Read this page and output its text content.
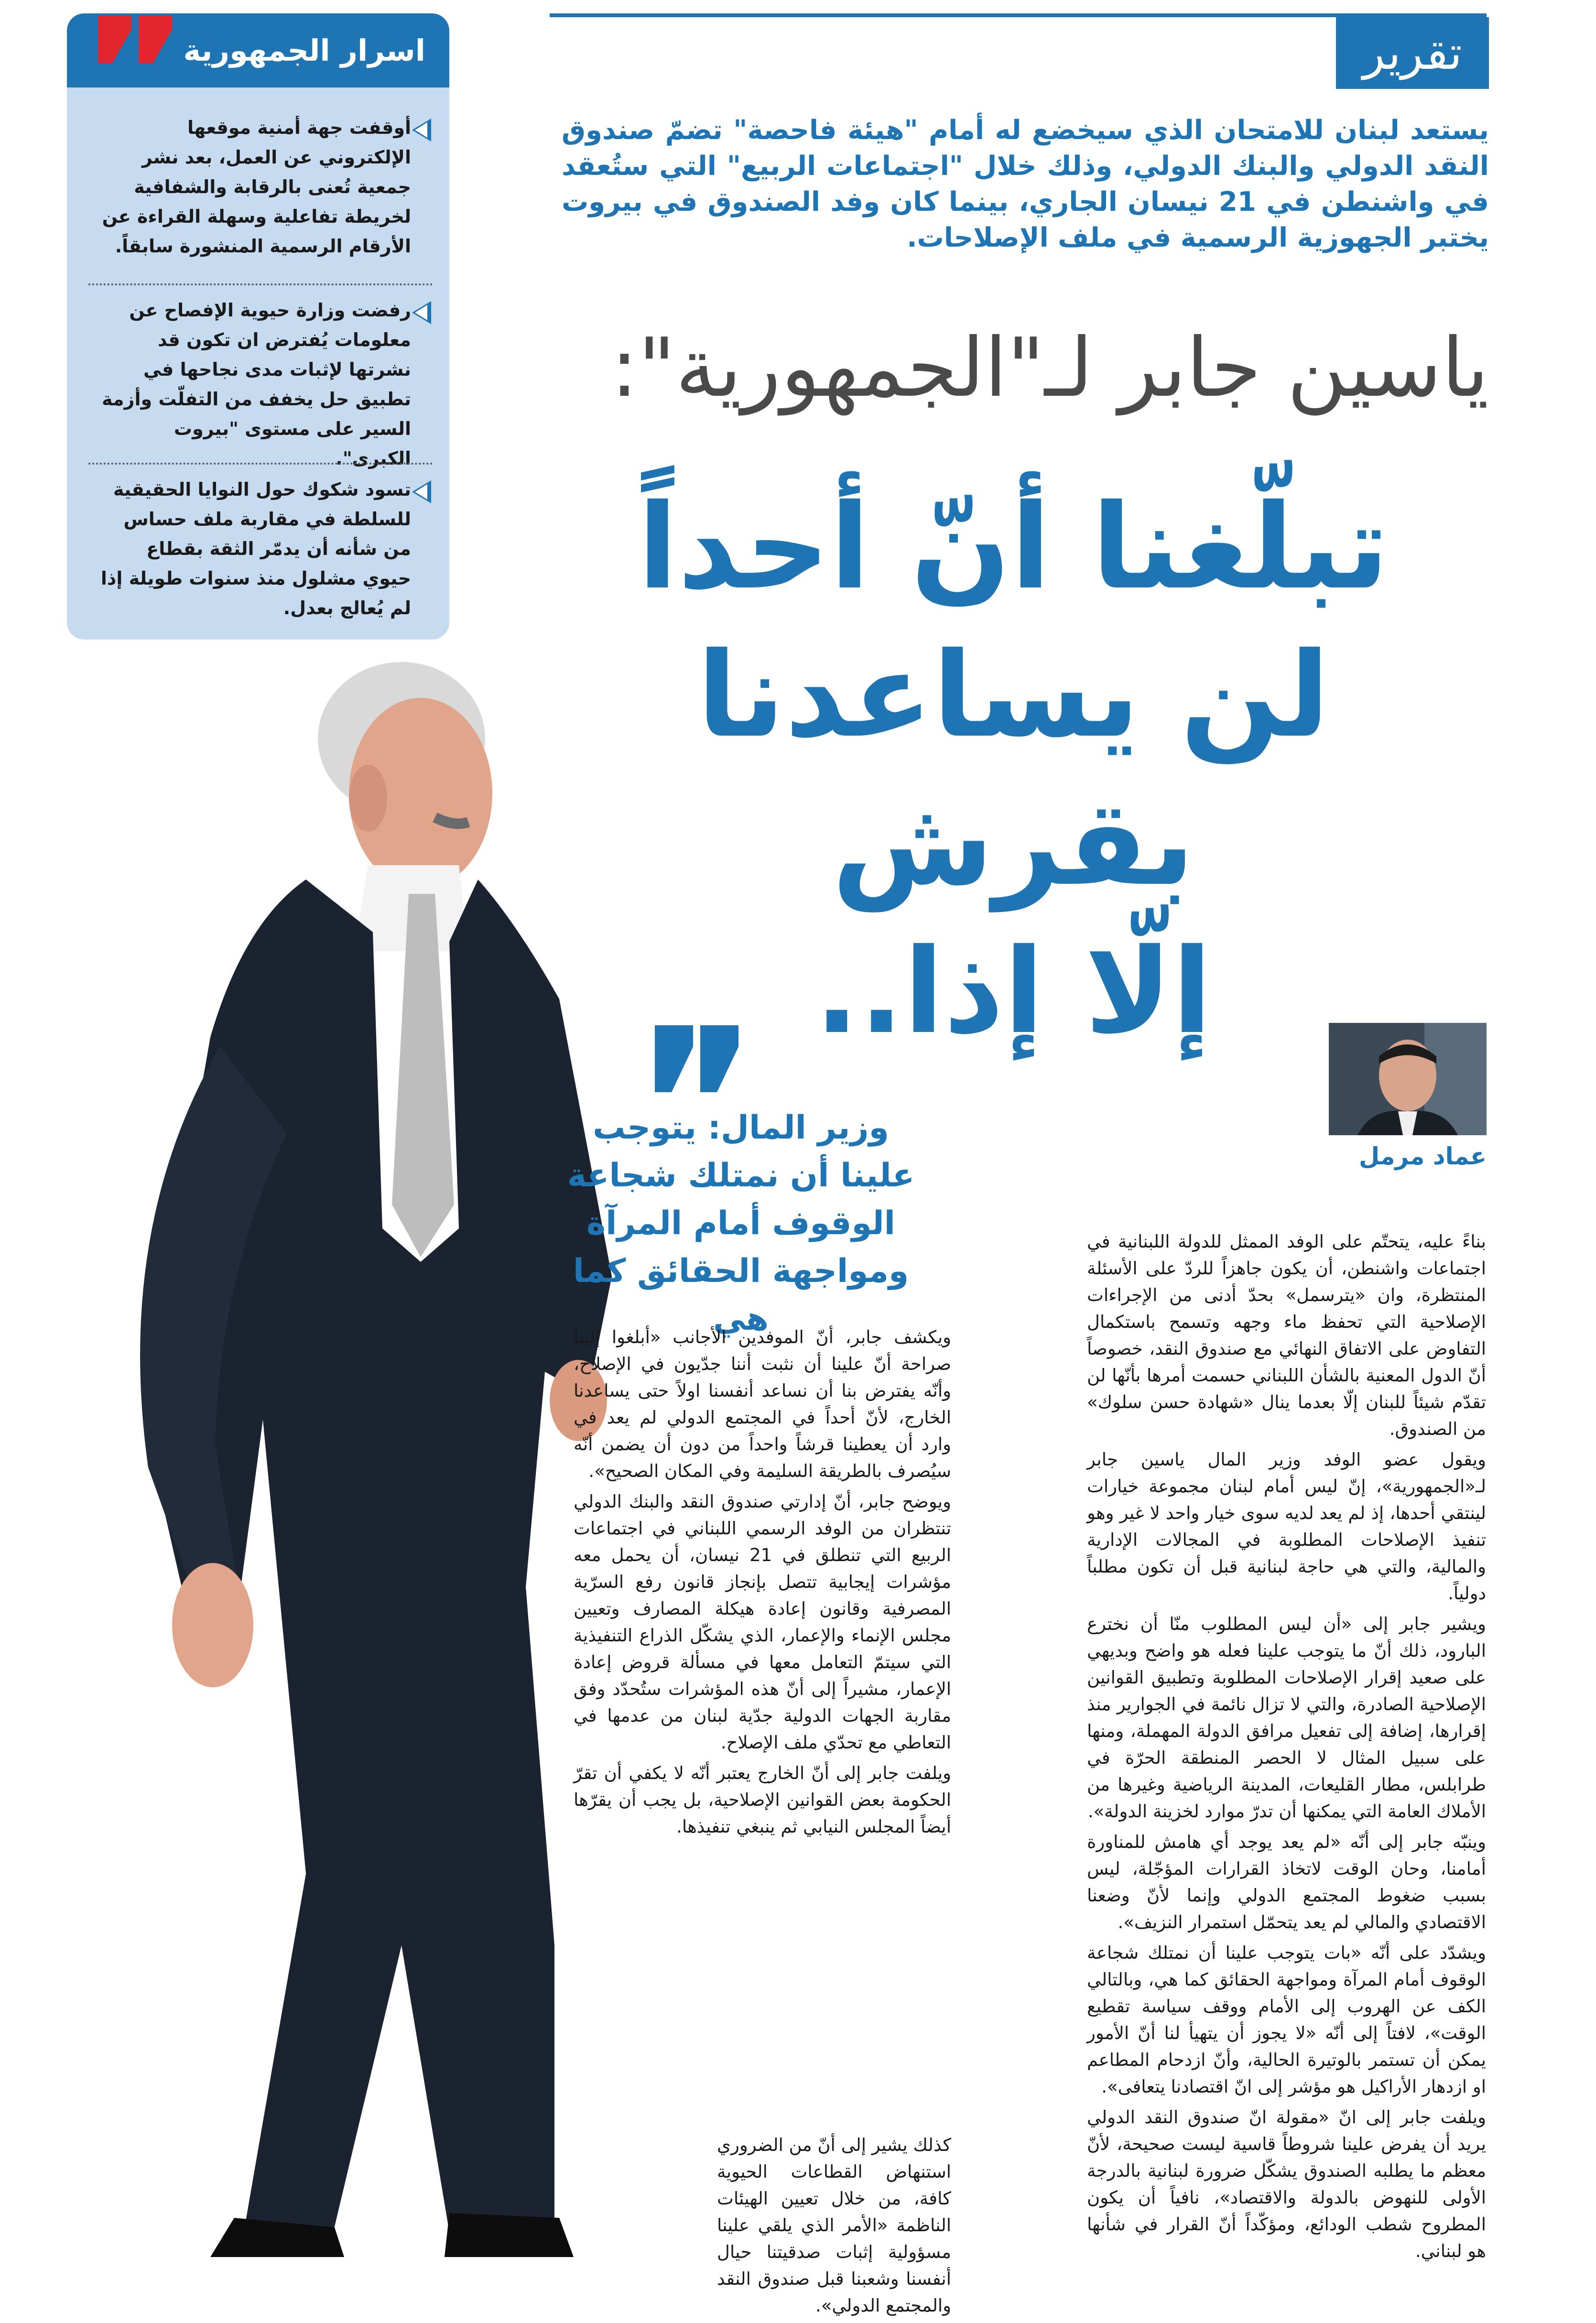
تقرير
يستعد لبنان للامتحان الذي سيخضع له أمام "هيئة فاحصة" تضمّ صندوق النقد الدولي والبنك الدولي، وذلك خلال "اجتماعات الربيع" التي ستُعقد في واشنطن في 21 نيسان الجاري، بينما كان وفد الصندوق في بيروت يختبر الجهوزية الرسمية في ملف الإصلاحات.
ياسين جابر لـ"الجمهورية":
تبلّغنا أنّ أحداً
لن يساعدنا بقرش
إلّا إذا..
اسرار الجمهورية
أوقفت جهة أمنية موقعها الإلكتروني عن العمل، بعد نشر جمعية تُعنى بالرقابة والشفافية لخريطة تفاعلية وسهلة القراءة عن الأرقام الرسمية المنشورة سابقاً.
رفضت وزارة حيوية الإفصاح عن معلومات يُفترض ان تكون قد نشرتها لإثبات مدى نجاحها في تطبيق حل يخفف من التفلّت وأزمة السير على مستوى "بيروت الكبرى".
تسود شكوك حول النوايا الحقيقية للسلطة في مقاربة ملف حساس من شأنه أن يدمّر الثقة بقطاع حيوي مشلول منذ سنوات طويلة إذا لم يُعالج بعدل.
عماد مرمل
وزير المال: يتوجب علينا أن نمتلك شجاعة الوقوف أمام المرآة ومواجهة الحقائق كما هي

بناءً عليه، يتحتّم على الوفد الممثل للدولة اللبنانية في اجتماعات واشنطن، أن يكون جاهزاً للردّ على الأسئلة المنتظرة، وان «يترسمل» بحدّ أدنى من الإجراءات الإصلاحية التي تحفظ ماء وجهه وتسمح باستكمال التفاوض على الاتفاق النهائي مع صندوق النقد، خصوصاً أنّ الدول المعنية بالشأن اللبناني حسمت أمرها بأنّها لن تقدّم شيئاً للبنان إلّا بعدما ينال «شهادة حسن سلوك» من الصندوق.

ويقول عضو الوفد وزير المال ياسين جابر لـ«الجمهورية»، إنّ ليس أمام لبنان مجموعة خيارات لينتقي أحدها، إذ لم يعد لديه سوى خيار واحد لا غير وهو تنفيذ الإصلاحات المطلوبة في المجالات الإدارية والمالية، والتي هي حاجة لبنانية قبل أن تكون مطلباً دولياً.

ويشير جابر إلى «أن ليس المطلوب منّا أن نخترع البارود، ذلك أنّ ما يتوجب علينا فعله هو واضح وبديهي على صعيد إقرار الإصلاحات المطلوبة وتطبيق القوانين الإصلاحية الصادرة، والتي لا تزال نائمة في الجوارير منذ إقرارها، إضافة إلى تفعيل مرافق الدولة المهملة، ومنها على سبيل المثال لا الحصر المنطقة الحرّة في طرابلس، مطار القليعات، المدينة الرياضية وغيرها من الأملاك العامة التي يمكنها أن تدرّ موارد لخزينة الدولة».

وينبّه جابر إلى أنّه «لم يعد يوجد أي هامش للمناورة أمامنا، وحان الوقت لاتخاذ القرارات المؤجّلة، ليس بسبب ضغوط المجتمع الدولي وإنما لأنّ وضعنا الاقتصادي والمالي لم يعد يتحمّل استمرار النزيف».

ويشدّد على أنّه «بات يتوجب علينا أن نمتلك شجاعة الوقوف أمام المرآة ومواجهة الحقائق كما هي، وبالتالي الكف عن الهروب إلى الأمام ووقف سياسة تقطيع الوقت»، لافتاً إلى أنّه «لا يجوز أن يتهيأ لنا أنّ الأمور يمكن أن تستمر بالوتيرة الحالية، وأنّ ازدحام المطاعم او ازدهار الأراكيل هو مؤشر إلى انّ اقتصادنا يتعافى».

ويلفت جابر إلى انّ «مقولة انّ صندوق النقد الدولي يريد أن يفرض علينا شروطاً قاسية ليست صحيحة، لأنّ معظم ما يطلبه الصندوق يشكّل ضرورة لبنانية بالدرجة الأولى للنهوض بالدولة والاقتصاد»، نافياً أن يكون المطروح شطب الودائع، ومؤكّداً أنّ القرار في شأنها هو لبناني.

ويكشف جابر، أنّ الموفدين الأجانب «أبلغوا إلينا صراحة أنّ علينا أن نثبت أننا جدّيون في الإصلاح، وأنّه يفترض بنا أن نساعد أنفسنا اولاً حتى يساعدنا الخارج، لأنّ أحداً في المجتمع الدولي لم يعد في وارد أن يعطينا قرشاً واحداً من دون أن يضمن أنّه سيُصرف بالطريقة السليمة وفي المكان الصحيح».

ويوضح جابر، أنّ إدارتي صندوق النقد والبنك الدولي تنتظران من الوفد الرسمي اللبناني في اجتماعات الربيع التي تنطلق في 21 نيسان، أن يحمل معه مؤشرات إيجابية تتصل بإنجاز قانون رفع السرّية المصرفية وقانون إعادة هيكلة المصارف وتعيين مجلس الإنماء والإعمار، الذي يشكّل الذراع التنفيذية التي سيتمّ التعامل معها في مسألة قروض إعادة الإعمار، مشيراً إلى أنّ هذه المؤشرات ستُحدّد وفق مقاربة الجهات الدولية جدّية لبنان من عدمها في التعاطي مع تحدّي ملف الإصلاح.

ويلفت جابر إلى أنّ الخارج يعتبر أنّه لا يكفي أن تقرّ الحكومة بعض القوانين الإصلاحية، بل يجب أن يقرّها أيضاً المجلس النيابي ثم ينبغي تنفيذها.

كذلك يشير إلى أنّ من الضروري استنهاض القطاعات الحيوية كافة، من خلال تعيين الهيئات الناظمة «الأمر الذي يلقي علينا مسؤولية إثبات صدقيتنا حيال أنفسنا وشعبنا قبل صندوق النقد والمجتمع الدولي».
